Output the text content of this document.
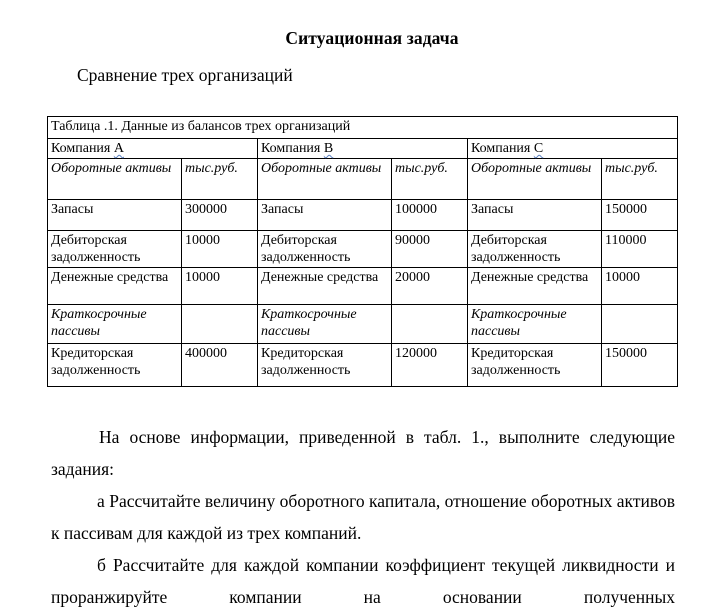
Ситуационная задача
Сравнение трех организаций
Таблица .1. Данные из балансов трех организаций					
Компания А		Компания В		Компания С	
Оборотные активы	тыс.руб.	Оборотные активы	тыс.руб.	Оборотные активы	тыс.руб.
Запасы	300000	Запасы	100000	Запасы	150000
Дебиторская задолженность	10000	Дебиторская задолженность	90000	Дебиторская задолженность	110000
Денежные средства	10000	Денежные средства	20000	Денежные средства	10000
Краткосрочные пассивы		Краткосрочные пассивы		Краткосрочные пассивы	
Кредиторская задолженность	400000	Кредиторская задолженность	120000	Кредиторская задолженность	150000

На основе информации, приведенной в табл. 1., выполните следующие задания:

а Рассчитайте величину оборотного капитала, отношение оборотных активов к пассивам для каждой из трех компаний.

б Рассчитайте для каждой компании коэффициент текущей ликвидности и проранжируйте компании на основании полученных
